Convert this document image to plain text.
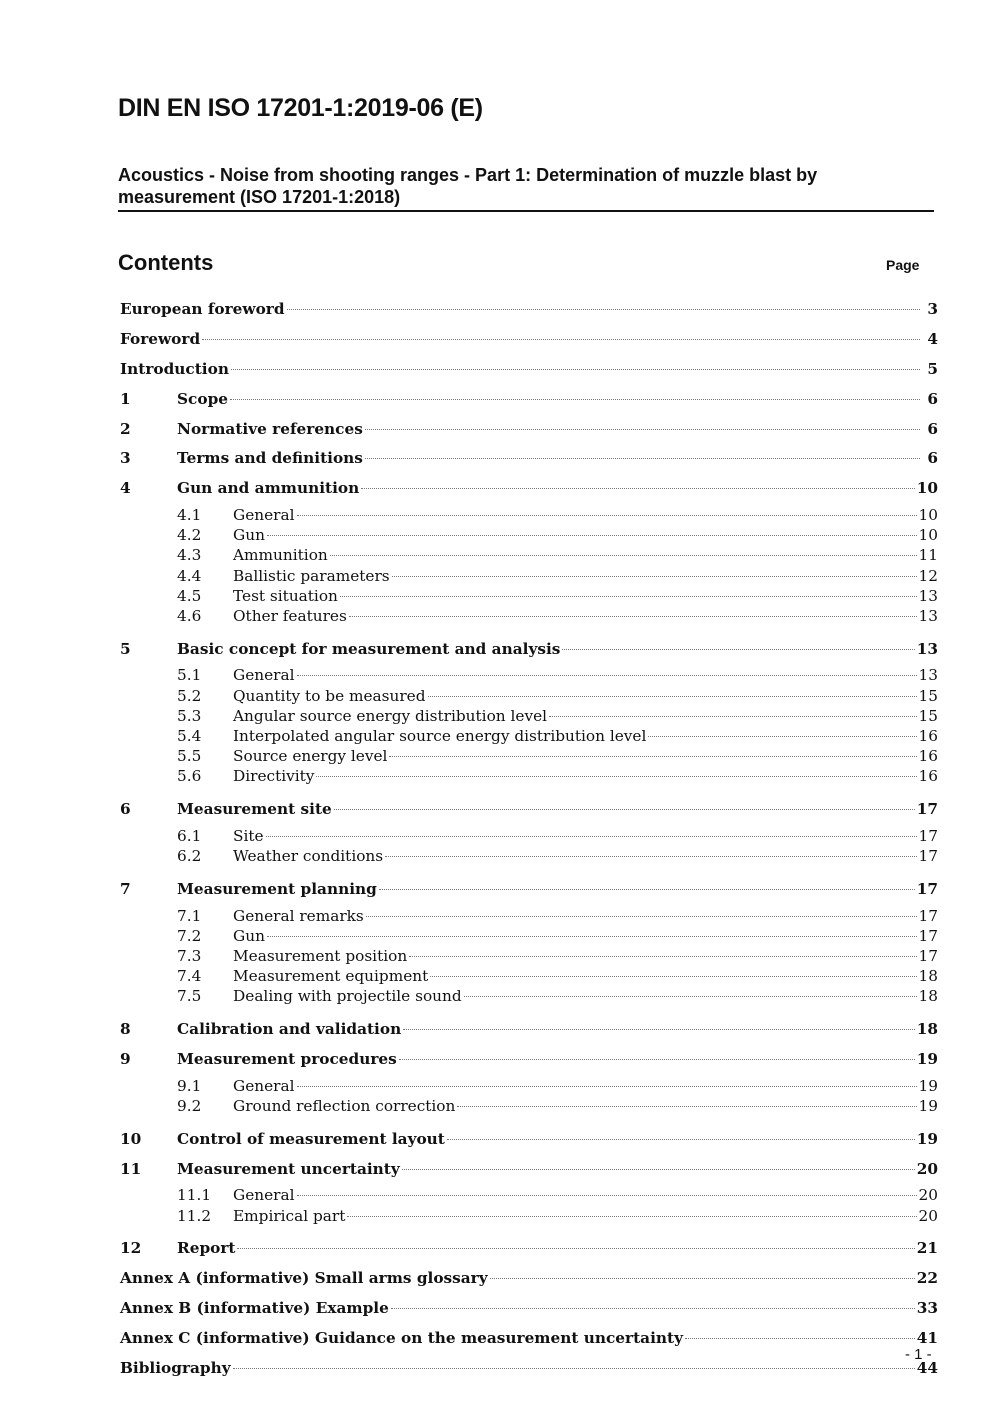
DIN EN ISO 17201-1:2019-06 (E)
Acoustics - Noise from shooting ranges - Part 1: Determination of muzzle blast by measurement (ISO 17201-1:2018)
Contents	Page
European foreword	3
Foreword	4
Introduction	5
1	Scope	6
2	Normative references	6
3	Terms and definitions	6
4	Gun and ammunition	10
4.1	General	10
4.2	Gun	10
4.3	Ammunition	11
4.4	Ballistic parameters	12
4.5	Test situation	13
4.6	Other features	13
5	Basic concept for measurement and analysis	13
5.1	General	13
5.2	Quantity to be measured	15
5.3	Angular source energy distribution level	15
5.4	Interpolated angular source energy distribution level	16
5.5	Source energy level	16
5.6	Directivity	16
6	Measurement site	17
6.1	Site	17
6.2	Weather conditions	17
7	Measurement planning	17
7.1	General remarks	17
7.2	Gun	17
7.3	Measurement position	17
7.4	Measurement equipment	18
7.5	Dealing with projectile sound	18
8	Calibration and validation	18
9	Measurement procedures	19
9.1	General	19
9.2	Ground reflection correction	19
10	Control of measurement layout	19
11	Measurement uncertainty	20
11.1	General	20
11.2	Empirical part	20
12	Report	21
Annex A (informative) Small arms glossary	22
Annex B (informative) Example	33
Annex C (informative) Guidance on the measurement uncertainty	41
Bibliography	44
- 1 -
